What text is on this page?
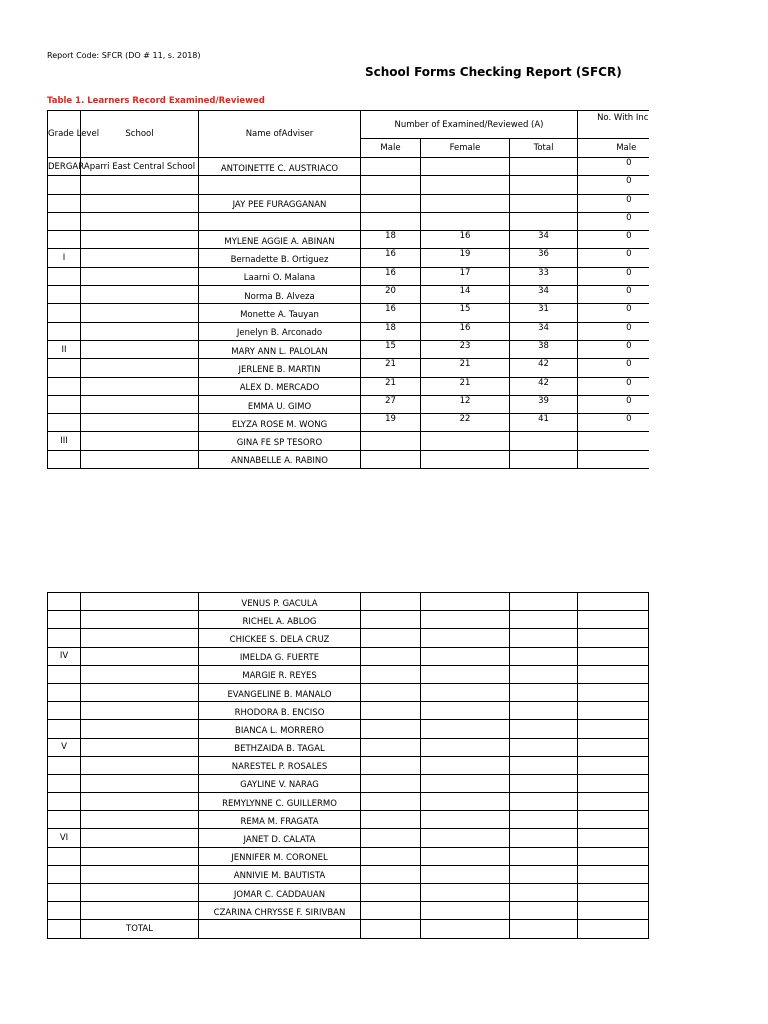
Report Code: SFCR (DO # 11, s. 2018)
School Forms Checking Report (SFCR)
Table 1. Learners Record Examined/Reviewed
Grade Level	School	Name ofAdviser	Number of Examined/Reviewed (A)			No. With Inc
			Male	Female	Total	Male
DERGAR	Aparri East Central School	ANTOINETTE C. AUSTRIACO				0
						0
		JAY PEE FURAGGANAN				0
						0
		MYLENE AGGIE A. ABINAN	18	16	34	0
I		Bernadette B. Ortiguez	16	19	36	0
		Laarni O. Malana	16	17	33	0
		Norma B. Alveza	20	14	34	0
		Monette A. Tauyan	16	15	31	0
		Jenelyn B. Arconado	18	16	34	0
II		MARY ANN L. PALOLAN	15	23	38	0
		JERLENE B. MARTIN	21	21	42	0
		ALEX D. MERCADO	21	21	42	0
		EMMA U. GIMO	27	12	39	0
		ELYZA ROSE M. WONG	19	22	41	0
III		GINA FE SP TESORO				
		ANNABELLE A. RABINO				
		VENUS P. GACULA				
		RICHEL A. ABLOG				
		CHICKEE S. DELA CRUZ				
IV		IMELDA G. FUERTE				
		MARGIE R. REYES				
		EVANGELINE B. MANALO				
		RHODORA B. ENCISO				
		BIANCA L. MORRERO				
V		BETHZAIDA B. TAGAL				
		NARESTEL P. ROSALES				
		GAYLINE V. NARAG				
		REMYLYNNE C. GUILLERMO				
		REMA M. FRAGATA				
VI		JANET D. CALATA				
		JENNIFER M. CORONEL				
		ANNIVIE M. BAUTISTA				
		JOMAR C. CADDAUAN				
		CZARINA CHRYSSE F. SIRIVBAN				
	TOTAL					
